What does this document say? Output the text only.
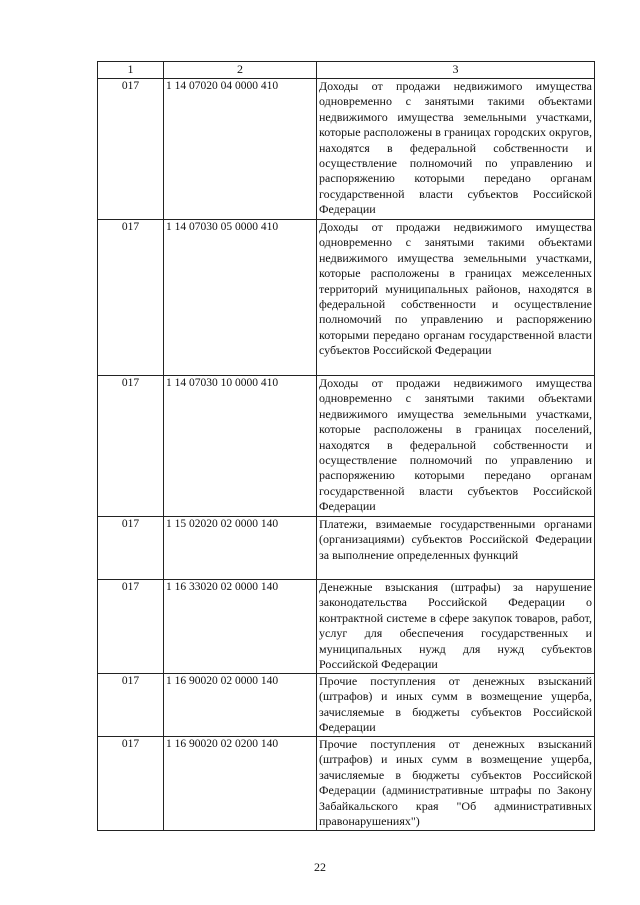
1	2	3
017	1 14 07020 04 0000 410	Доходы от продажи недвижимого имущества одновременно с занятыми такими объектами недвижимого имущества земельными участками, которые расположены в границах городских округов, находятся в федеральной собственности и осуществление полномочий по управлению и распоряжению которыми передано органам государственной власти субъектов Российской Федерации
017	1 14 07030 05 0000 410	Доходы от продажи недвижимого имущества одновременно с занятыми такими объектами недвижимого имущества земельными участками, которые расположены в границах межселенных территорий муниципальных районов, находятся в федеральной собственности и осуществление полномочий по управлению и распоряжению которыми передано органам государственной власти субъектов Российской Федерации
017	1 14 07030 10 0000 410	Доходы от продажи недвижимого имущества одновременно с занятыми такими объектами недвижимого имущества земельными участками, которые расположены в границах поселений, находятся в федеральной собственности и осуществление полномочий по управлению и распоряжению которыми передано органам государственной власти субъектов Российской Федерации
017	1 15 02020 02 0000 140	Платежи, взимаемые государственными органами (организациями) субъектов Российской Федерации за выполнение определенных функций
017	1 16 33020 02 0000 140	Денежные взыскания (штрафы) за нарушение законодательства Российской Федерации о контрактной системе в сфере закупок товаров, работ, услуг для обеспечения государственных и муниципальных нужд для нужд субъектов Российской Федерации
017	1 16 90020 02 0000 140	Прочие поступления от денежных взысканий (штрафов) и иных сумм в возмещение ущерба, зачисляемые в бюджеты субъектов Российской Федерации
017	1 16 90020 02 0200 140	Прочие поступления от денежных взысканий (штрафов) и иных сумм в возмещение ущерба, зачисляемые в бюджеты субъектов Российской Федерации (административные штрафы по Закону Забайкальского края "Об административных правонарушениях")
22
